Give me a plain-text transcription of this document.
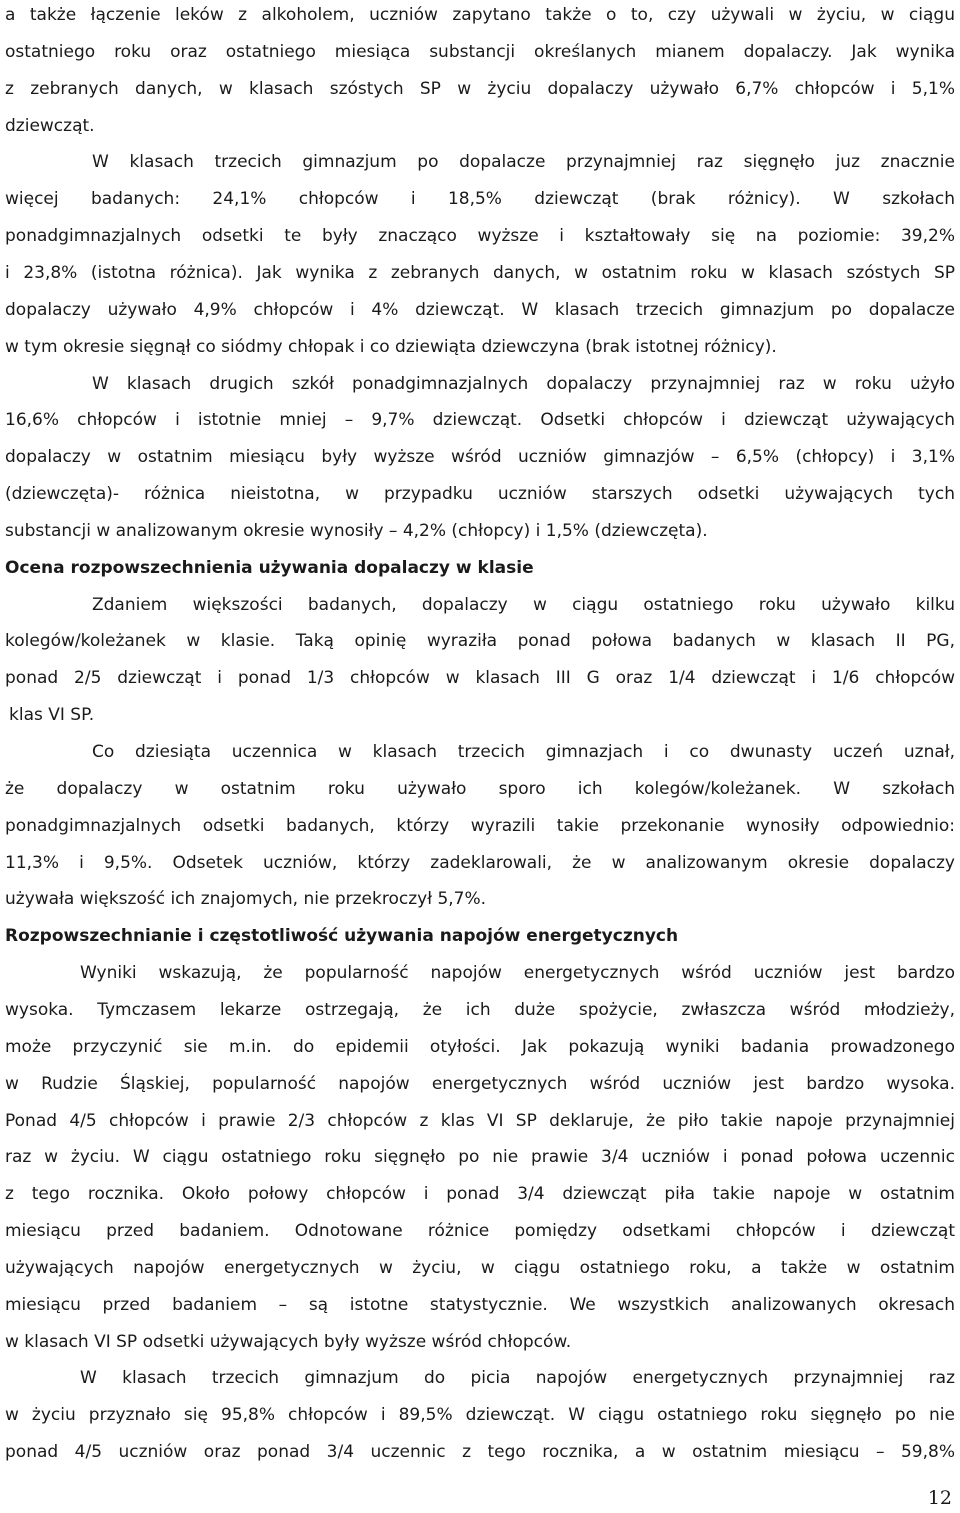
a także łączenie leków z alkoholem, uczniów zapytano także o to, czy używali w życiu, w ciągu
ostatniego roku oraz ostatniego miesiąca substancji określanych mianem dopalaczy. Jak wynika
z zebranych danych, w klasach szóstych SP w życiu dopalaczy używało 6,7% chłopców i 5,1%
dziewcząt.
W klasach trzecich gimnazjum po dopalacze przynajmniej raz sięgnęło juz znacznie
więcej badanych: 24,1% chłopców i 18,5% dziewcząt (brak różnicy). W szkołach
ponadgimnazjalnych odsetki te były znacząco wyższe i kształtowały się na poziomie: 39,2%
i 23,8% (istotna różnica). Jak wynika z zebranych danych, w ostatnim roku w klasach szóstych SP
dopalaczy używało 4,9% chłopców i 4% dziewcząt. W klasach trzecich gimnazjum po dopalacze
w tym okresie sięgnął co siódmy chłopak i co dziewiąta dziewczyna (brak istotnej różnicy).
W klasach drugich szkół ponadgimnazjalnych dopalaczy przynajmniej raz w roku użyło
16,6% chłopców i istotnie mniej – 9,7% dziewcząt. Odsetki chłopców i dziewcząt używających
dopalaczy w ostatnim miesiącu były wyższe wśród uczniów gimnazjów – 6,5% (chłopcy) i 3,1%
(dziewczęta)- różnica nieistotna, w przypadku uczniów starszych odsetki używających tych
substancji w analizowanym okresie wynosiły – 4,2% (chłopcy) i 1,5% (dziewczęta).
Ocena rozpowszechnienia używania dopalaczy w klasie
Zdaniem większości badanych, dopalaczy w ciągu ostatniego roku używało kilku
kolegów/koleżanek w klasie. Taką opinię wyraziła ponad połowa badanych w klasach II PG,
ponad 2/5 dziewcząt i ponad 1/3 chłopców w klasach III G oraz 1/4 dziewcząt i 1/6 chłopców
klas VI SP.
Co dziesiąta uczennica w klasach trzecich gimnazjach i co dwunasty uczeń uznał,
że dopalaczy w ostatnim roku używało sporo ich kolegów/koleżanek. W szkołach
ponadgimnazjalnych odsetki badanych, którzy wyrazili takie przekonanie wynosiły odpowiednio:
11,3% i 9,5%. Odsetek uczniów, którzy zadeklarowali, że w analizowanym okresie dopalaczy
używała większość ich znajomych, nie przekroczył 5,7%.
Rozpowszechnianie i częstotliwość używania napojów energetycznych
Wyniki wskazują, że popularność napojów energetycznych wśród uczniów jest bardzo
wysoka. Tymczasem lekarze ostrzegają, że ich duże spożycie, zwłaszcza wśród młodzieży,
może przyczynić sie m.in. do epidemii otyłości. Jak pokazują wyniki badania prowadzonego
w Rudzie Śląskiej, popularność napojów energetycznych wśród uczniów jest bardzo wysoka.
Ponad 4/5 chłopców i prawie 2/3 chłopców z klas VI SP deklaruje, że piło takie napoje przynajmniej
raz w życiu. W ciągu ostatniego roku sięgnęło po nie prawie 3/4 uczniów i ponad połowa uczennic
z tego rocznika. Około połowy chłopców i ponad 3/4 dziewcząt piła takie napoje w ostatnim
miesiącu przed badaniem. Odnotowane różnice pomiędzy odsetkami chłopców i dziewcząt
używających napojów energetycznych w życiu, w ciągu ostatniego roku, a także w ostatnim
miesiącu przed badaniem – są istotne statystycznie. We wszystkich analizowanych okresach
w klasach VI SP odsetki używających były wyższe wśród chłopców.
W klasach trzecich gimnazjum do picia napojów energetycznych przynajmniej raz
w życiu przyznało się 95,8% chłopców i 89,5% dziewcząt. W ciągu ostatniego roku sięgnęło po nie
ponad 4/5 uczniów oraz ponad 3/4 uczennic z tego rocznika, a w ostatnim miesiącu – 59,8%
12
